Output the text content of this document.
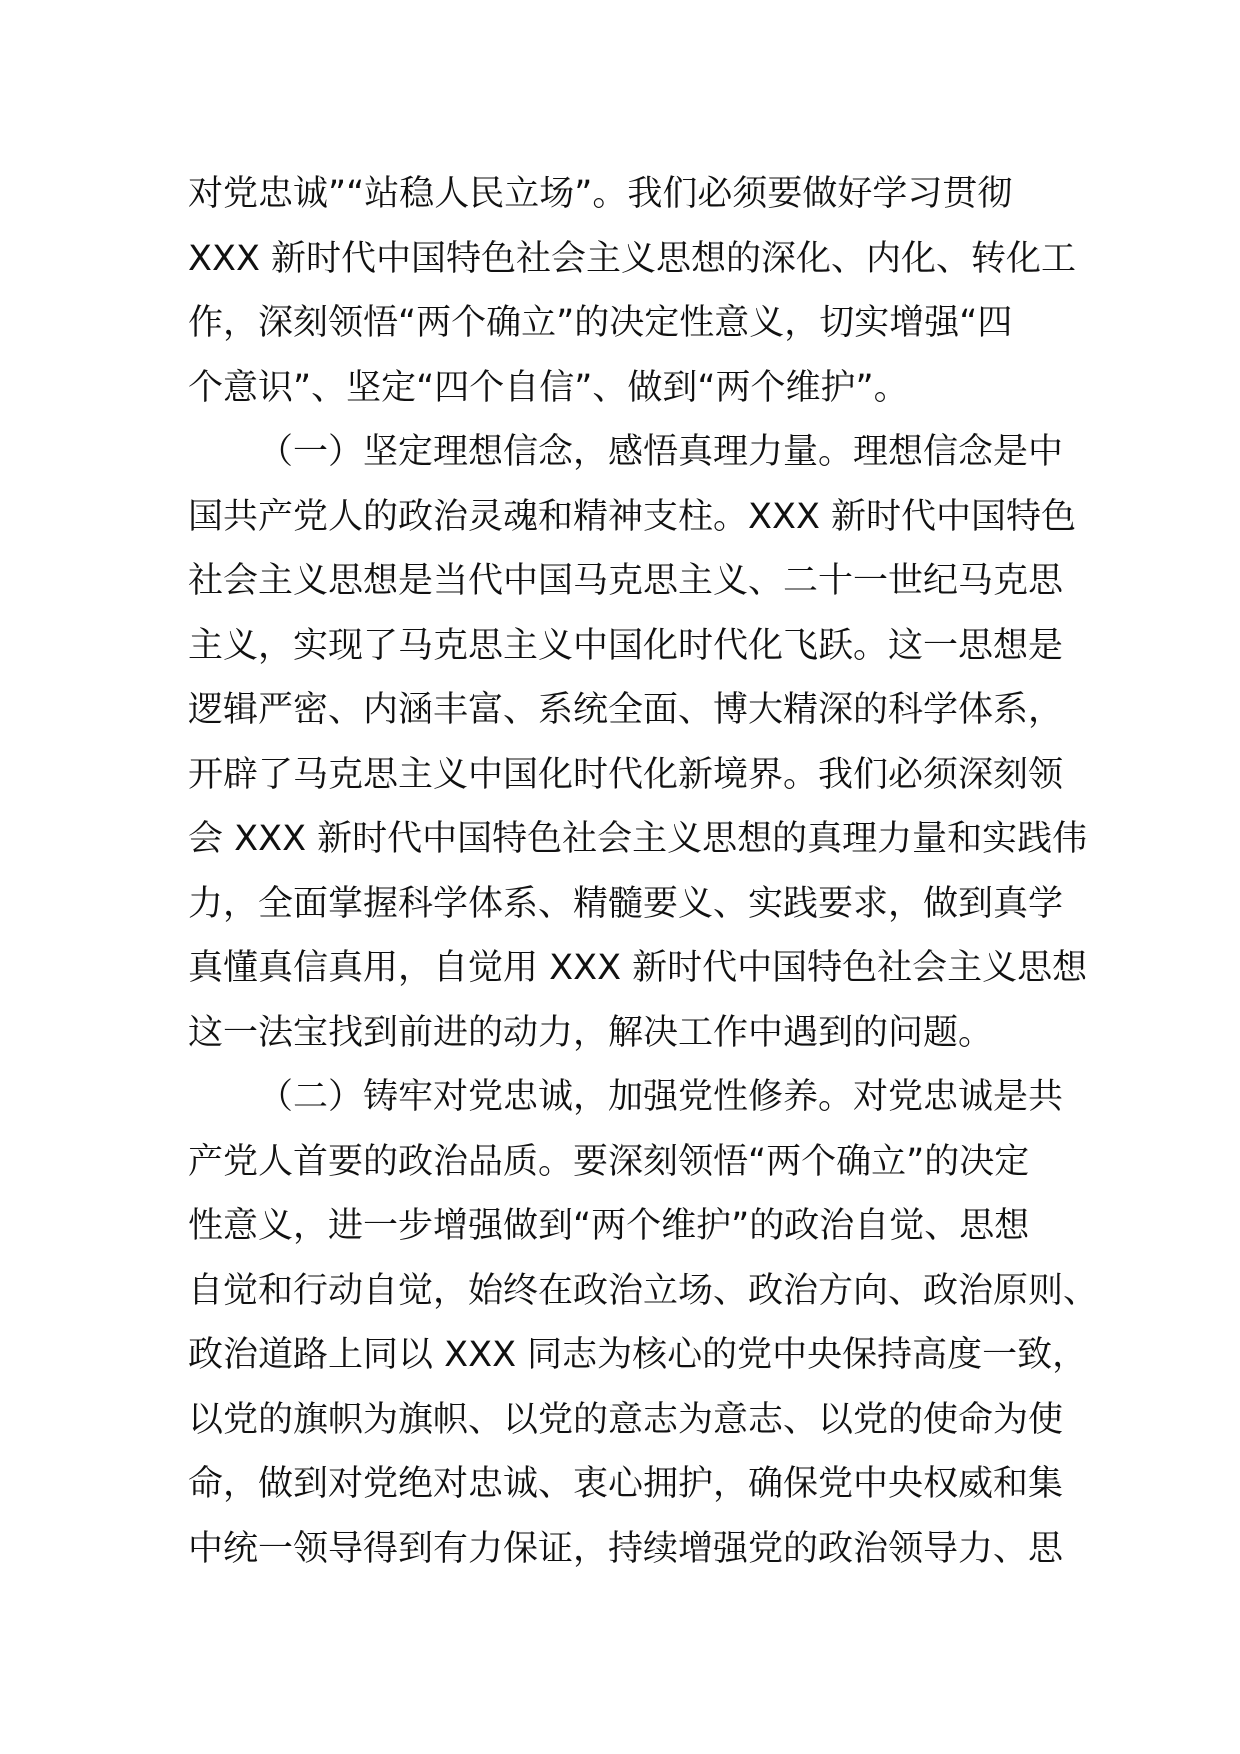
对党忠诚”“站稳人民立场”。我们必须要做好学习贯彻
XXX 新时代中国特色社会主义思想的深化、内化、转化工
作，深刻领悟“两个确立”的决定性意义，切实增强“四
个意识”、坚定“四个自信”、做到“两个维护”。
（一）坚定理想信念，感悟真理力量。理想信念是中
国共产党人的政治灵魂和精神支柱。XXX 新时代中国特色
社会主义思想是当代中国马克思主义、二十一世纪马克思
主义，实现了马克思主义中国化时代化飞跃。这一思想是
逻辑严密、内涵丰富、系统全面、博大精深的科学体系，
开辟了马克思主义中国化时代化新境界。我们必须深刻领
会 XXX 新时代中国特色社会主义思想的真理力量和实践伟
力，全面掌握科学体系、精髓要义、实践要求，做到真学
真懂真信真用，自觉用 XXX 新时代中国特色社会主义思想
这一法宝找到前进的动力，解决工作中遇到的问题。
（二）铸牢对党忠诚，加强党性修养。对党忠诚是共
产党人首要的政治品质。要深刻领悟“两个确立”的决定
性意义，进一步增强做到“两个维护”的政治自觉、思想
自觉和行动自觉，始终在政治立场、政治方向、政治原则、
政治道路上同以 XXX 同志为核心的党中央保持高度一致，
以党的旗帜为旗帜、以党的意志为意志、以党的使命为使
命，做到对党绝对忠诚、衷心拥护，确保党中央权威和集
中统一领导得到有力保证，持续增强党的政治领导力、思
